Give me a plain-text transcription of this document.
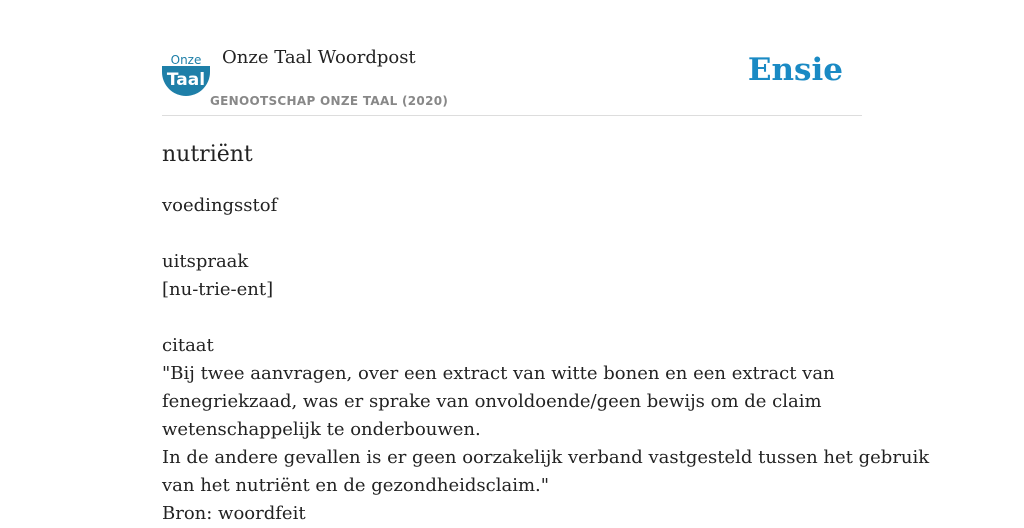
Onze
Taal
Onze Taal Woordpost
GENOOTSCHAP ONZE TAAL (2020)
Ensie
nutriënt
voedingsstof
uitspraak
[nu-trie-ent]
citaat
"Bij twee aanvragen, over een extract van witte bonen en een extract van
fenegriekzaad, was er sprake van onvoldoende/geen bewijs om de claim
wetenschappelijk te onderbouwen.
In de andere gevallen is er geen oorzakelijk verband vastgesteld tussen het gebruik
van het nutriënt en de gezondheidsclaim."
Bron: woordfeit
